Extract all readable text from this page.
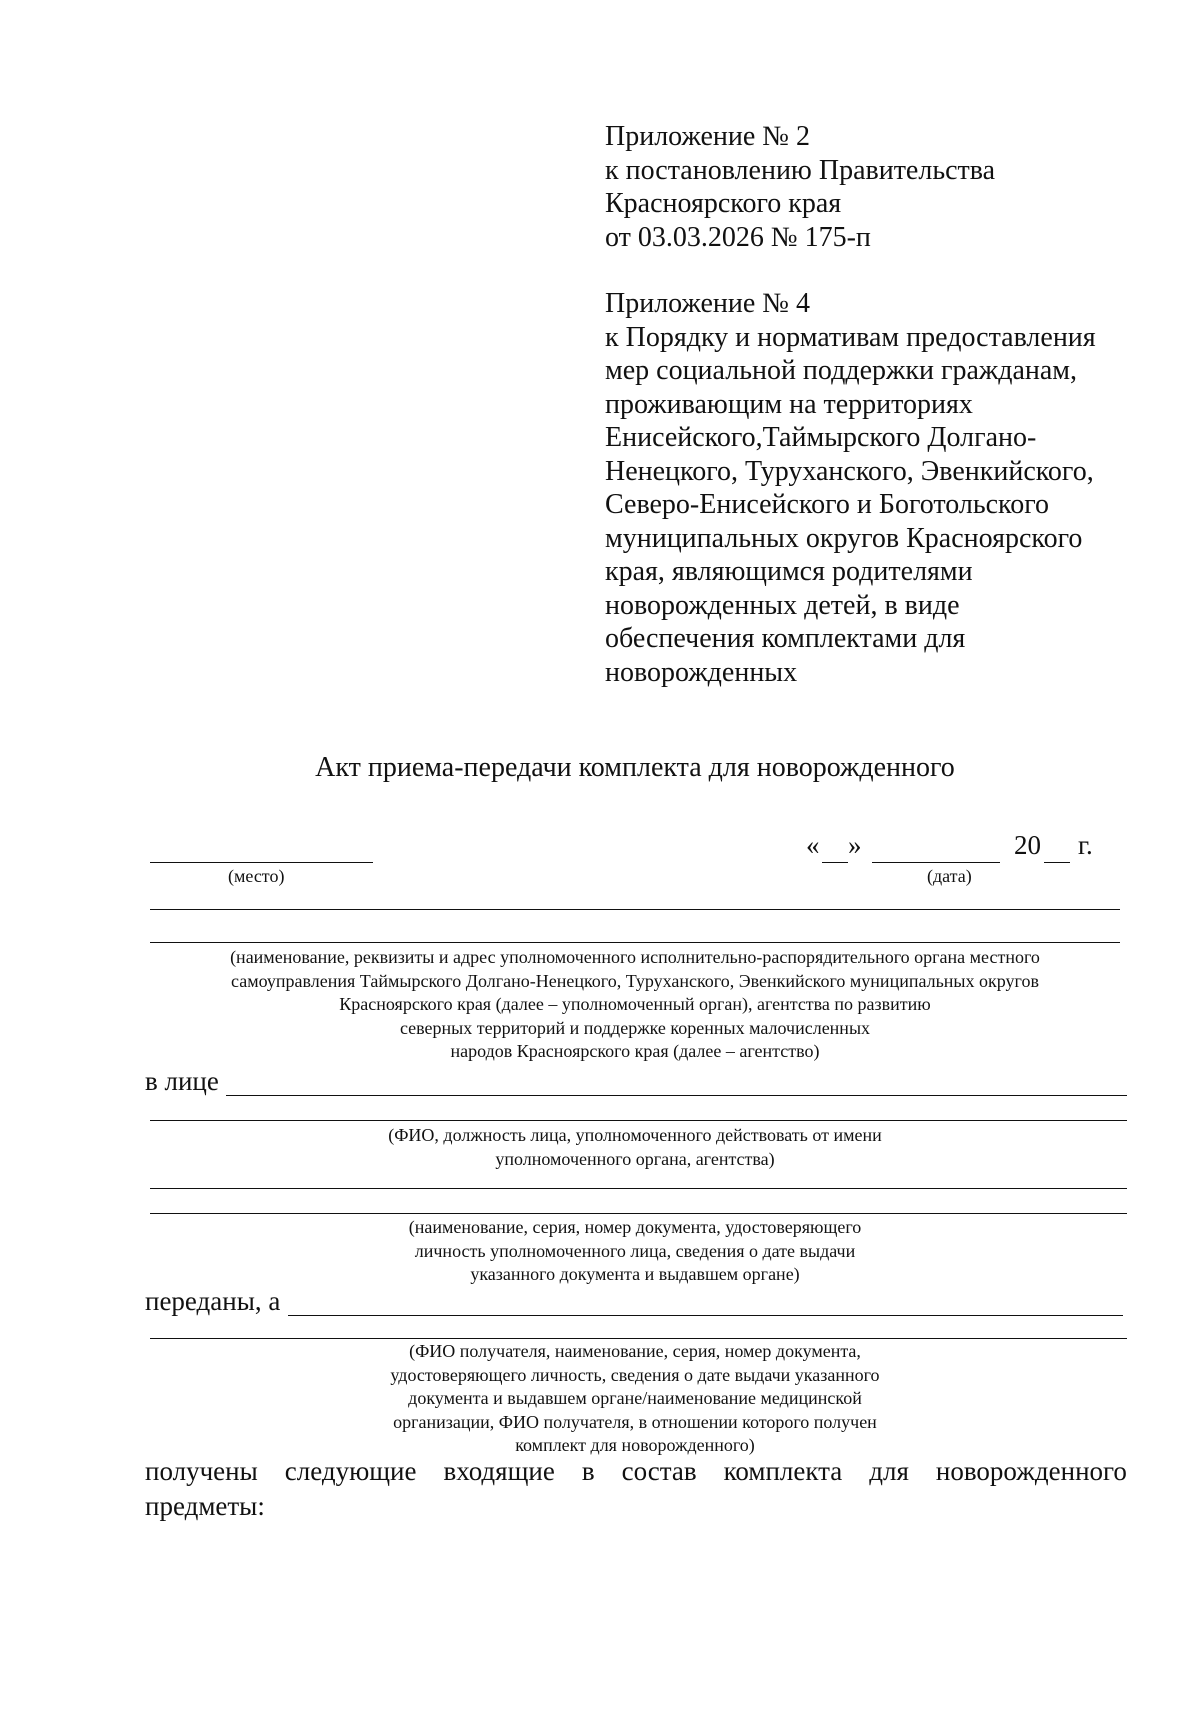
Приложение № 2
к постановлению Правительства
Красноярского края
от 03.03.2026 № 175-п
Приложение № 4
к Порядку и нормативам предоставления
мер социальной поддержки гражданам,
проживающим на территориях
Енисейского,Таймырского Долгано-
Ненецкого, Туруханского, Эвенкийского,
Северо-Енисейского и Боготольского
муниципальных округов Красноярского
края, являющимся родителями
новорожденных детей, в виде
обеспечения комплектами для
новорожденных
Акт приема-передачи комплекта для новорожденного
(место)
« »	20 г.
(дата)
(наименование, реквизиты и адрес уполномоченного исполнительно-распорядительного органа местного
самоуправления Таймырского Долгано-Ненецкого, Туруханского, Эвенкийского муниципальных округов
Красноярского края (далее – уполномоченный орган), агентства по развитию
северных территорий и поддержке коренных малочисленных
народов Красноярского края (далее – агентство)
в лице
(ФИО, должность лица, уполномоченного действовать от имени
уполномоченного органа, агентства)
(наименование, серия, номер документа, удостоверяющего
личность уполномоченного лица, сведения о дате выдачи
указанного документа и выдавшем органе)
переданы, а
(ФИО получателя, наименование, серия, номер документа,
удостоверяющего личность, сведения о дате выдачи указанного
документа и выдавшем органе/наименование медицинской
организации, ФИО получателя, в отношении которого получен
комплект для новорожденного)
получены следующие входящие в состав комплекта для новорожденного
предметы:
